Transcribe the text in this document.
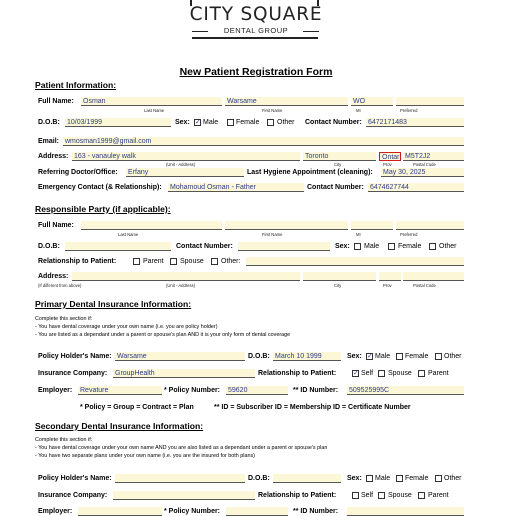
CITY SQUARE
DENTAL GROUP
New Patient Registration Form
Patient Information:
Full Name: Osman	Warsame	WO
Last Name	First Name	MI	Preferred
D.O.B: 10/03/1999	Sex: ✓ Male	Female	Other Contact Number: 6472171483
Email: wmosman1999@gmail.com
Address: 163 - vanauley walk	Toronto	Ontar M5T2J2
(Unit - Address)	City	Prov	Postal Code
Referring Doctor/Office: Erfany	Last Hygiene Appointment (cleaning): May 30, 2025
Emergency Contact (& Relationship): Mohamoud Osman - Father	Contact Number: 6474627744
Responsible Party (if applicable):
Full Name:
Last Name	First Name	MI	Preferred
D.O.B:	Contact Number:	Sex: Male	Female	Other
Relationship to Patient:	Parent Spouse Other:
Address:
(If different from above)	(Unit - Address)	City	Prov	Postal Code
Primary Dental Insurance Information:
Complete this section if:
- You have dental coverage under your own name (i.e. you are policy holder)
- You are listed as a dependant under a parent or spouse's plan AND it is your only form of dental coverage
Policy Holder's Name: Warsame	D.O.B: March 10 1999	Sex: ✓ Male Female Other
Insurance Company: GroupHealth	Relationship to Patient: ✓ Self Spouse Parent
Employer: Revature	* Policy Number: 59620	** ID Number: 509525995C
* Policy = Group = Contract = Plan	** ID = Subscriber ID = Membership ID = Certificate Number
Secondary Dental Insurance Information:
Complete this section if:
- You have dental coverage under your own name AND you are also listed as a dependant under a parent or spouse's plan
- You have two separate plans under your own name (i.e. you are the insured for both plans)
Policy Holder's Name:	D.O.B:	Sex: Male Female Other
Insurance Company:	Relationship to Patient:	Self Spouse Parent
Employer:	* Policy Number:	** ID Number:
